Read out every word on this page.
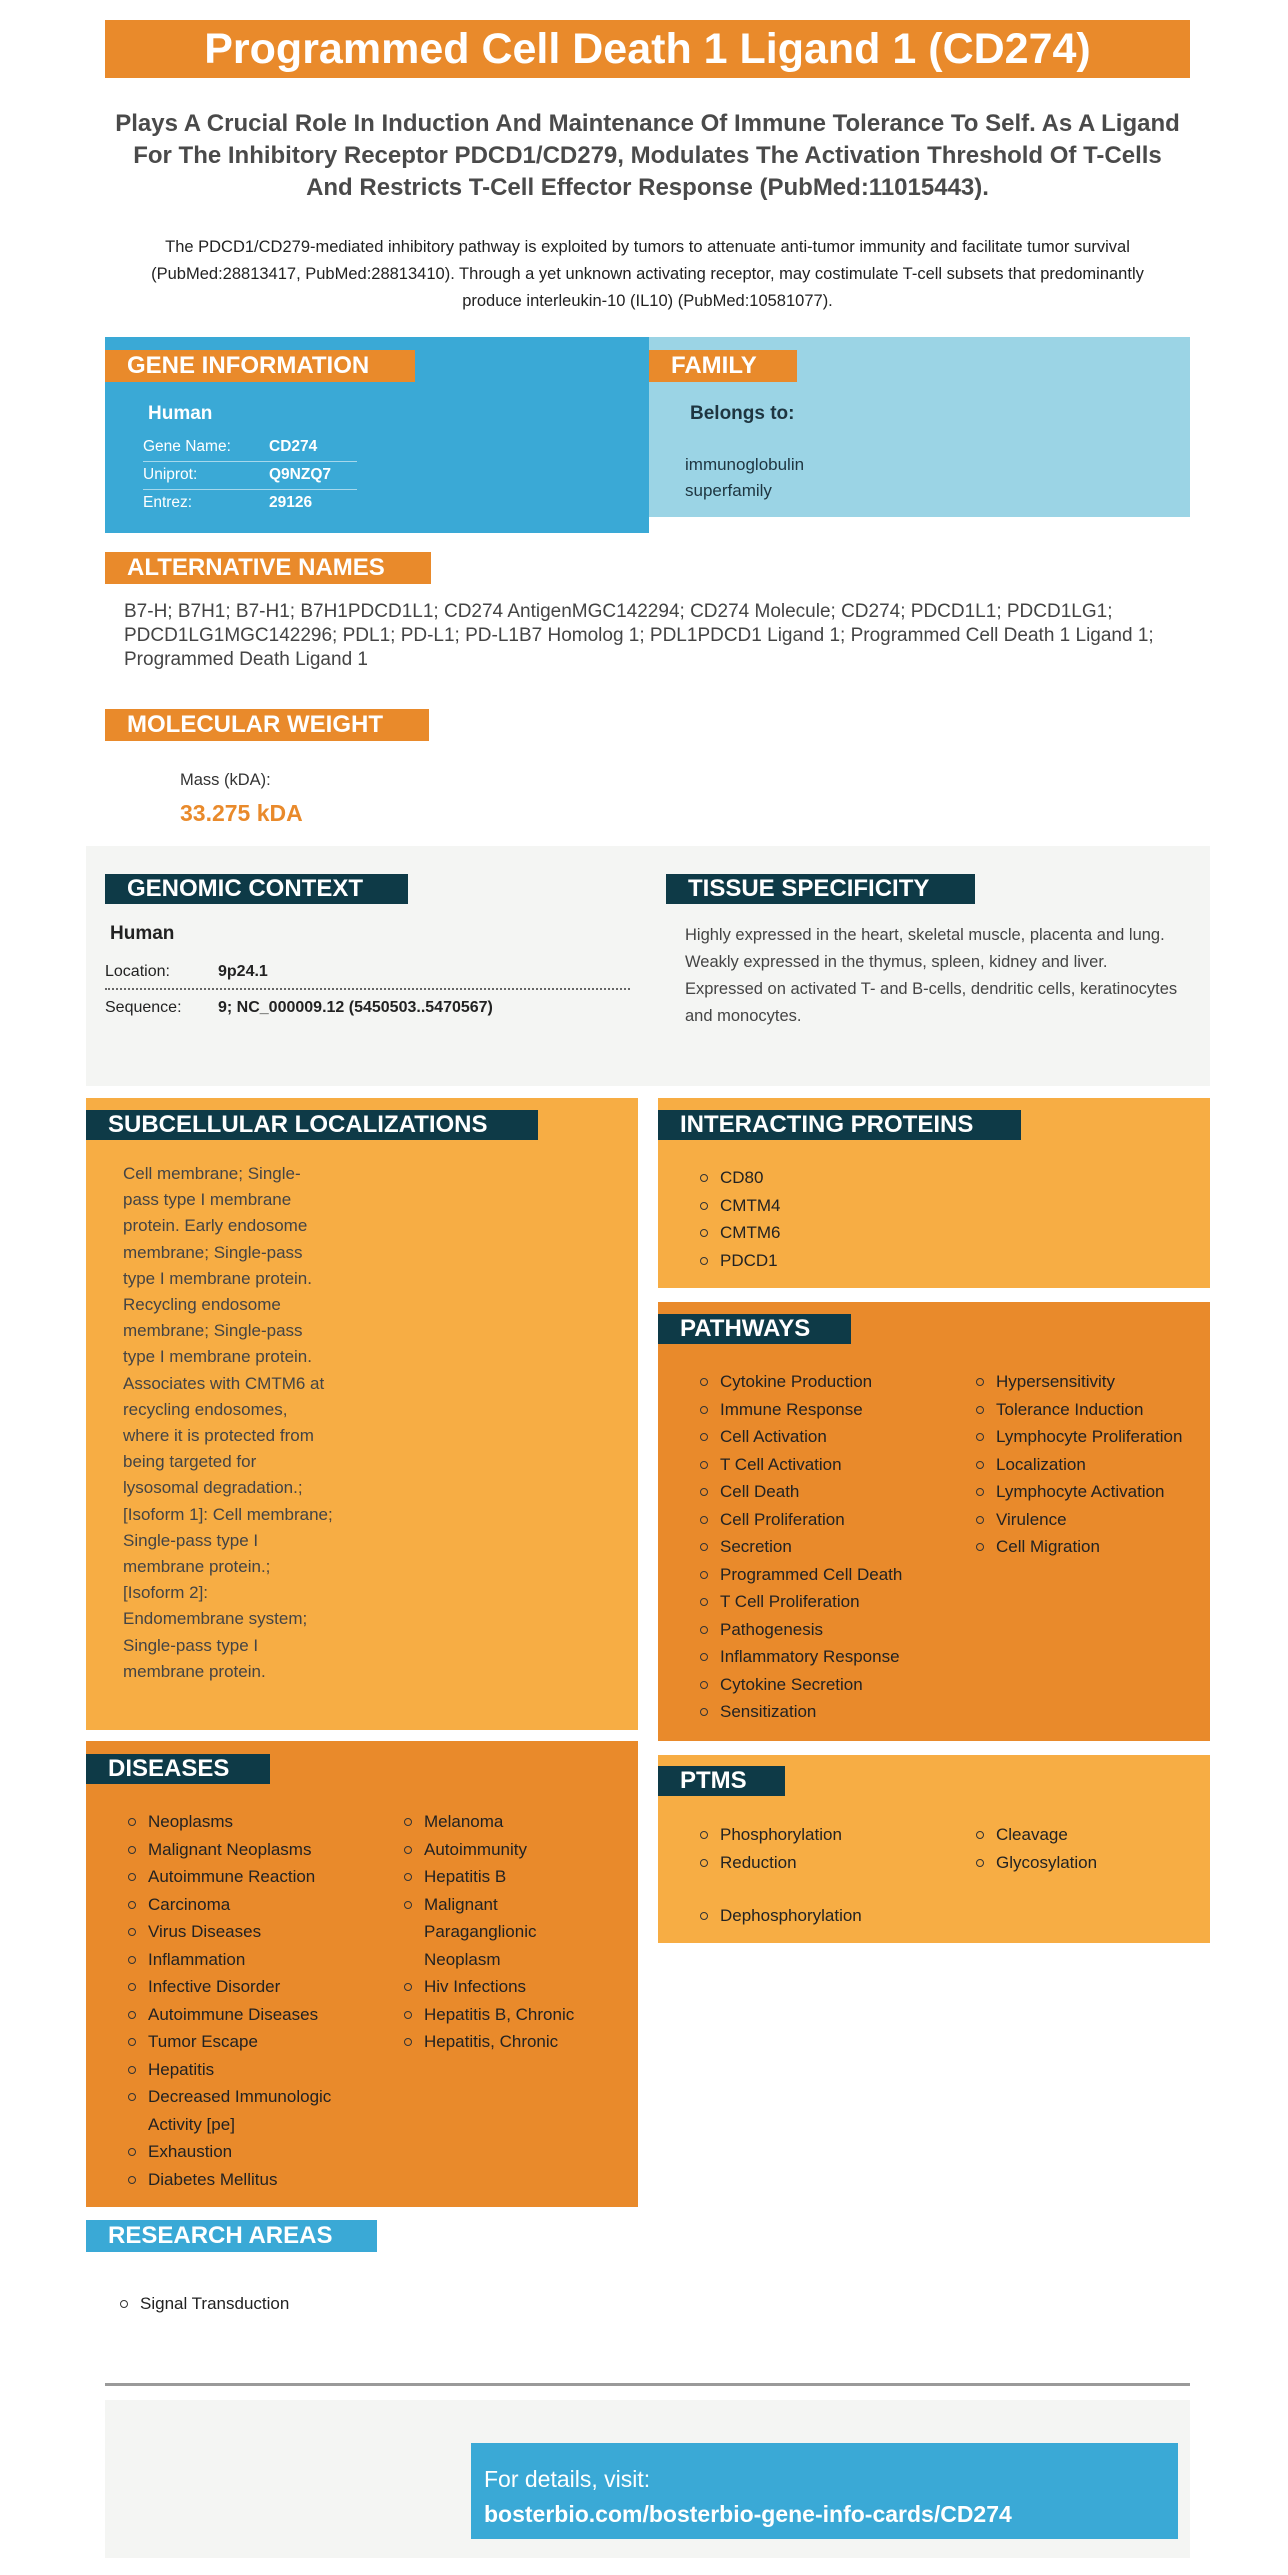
Programmed Cell Death 1 Ligand 1 (CD274)
Plays A Crucial Role In Induction And Maintenance Of Immune Tolerance To Self. As A Ligand For The Inhibitory Receptor PDCD1/CD279, Modulates The Activation Threshold Of T-Cells And Restricts T-Cell Effector Response (PubMed:11015443).
The PDCD1/CD279-mediated inhibitory pathway is exploited by tumors to attenuate anti-tumor immunity and facilitate tumor survival (PubMed:28813417, PubMed:28813410). Through a yet unknown activating receptor, may costimulate T-cell subsets that predominantly produce interleukin-10 (IL10) (PubMed:10581077).
GENE INFORMATION
Human
Gene Name:	CD274
Uniprot:	Q9NZQ7
Entrez:	29126
FAMILY
Belongs to:
immunoglobulin superfamily
ALTERNATIVE NAMES
B7-H; B7H1; B7-H1; B7H1PDCD1L1; CD274 AntigenMGC142294; CD274 Molecule; CD274; PDCD1L1; PDCD1LG1; PDCD1LG1MGC142296; PDL1; PD-L1; PD-L1B7 Homolog 1; PDL1PDCD1 Ligand 1; Programmed Cell Death 1 Ligand 1; Programmed Death Ligand 1
MOLECULAR WEIGHT
Mass (kDA):
33.275 kDA
GENOMIC CONTEXT
Human
Location:	9p24.1
Sequence:	9; NC_000009.12 (5450503..5470567)
TISSUE SPECIFICITY
Highly expressed in the heart, skeletal muscle, placenta and lung. Weakly expressed in the thymus, spleen, kidney and liver. Expressed on activated T- and B-cells, dendritic cells, keratinocytes and monocytes.
SUBCELLULAR LOCALIZATIONS
Cell membrane; Single-pass type I membrane protein. Early endosome membrane; Single-pass type I membrane protein. Recycling endosome membrane; Single-pass type I membrane protein. Associates with CMTM6 at recycling endosomes, where it is protected from being targeted for lysosomal degradation.; [Isoform 1]: Cell membrane; Single-pass type I membrane protein.; [Isoform 2]: Endomembrane system; Single-pass type I membrane protein.
INTERACTING PROTEINS
CD80
CMTM4
CMTM6
PDCD1
PATHWAYS
Cytokine Production
Immune Response
Cell Activation
T Cell Activation
Cell Death
Cell Proliferation
Secretion
Programmed Cell Death
T Cell Proliferation
Pathogenesis
Inflammatory Response
Cytokine Secretion
Sensitization
Hypersensitivity
Tolerance Induction
Lymphocyte Proliferation
Localization
Lymphocyte Activation
Virulence
Cell Migration
DISEASES
Neoplasms
Malignant Neoplasms
Autoimmune Reaction
Carcinoma
Virus Diseases
Inflammation
Infective Disorder
Autoimmune Diseases
Tumor Escape
Hepatitis
Decreased Immunologic Activity [pe]
Exhaustion
Diabetes Mellitus
Melanoma
Autoimmunity
Hepatitis B
Malignant Paraganglionic Neoplasm
Hiv Infections
Hepatitis B, Chronic
Hepatitis, Chronic
PTMS
Phosphorylation
Reduction
Cleavage
Glycosylation
Dephosphorylation
RESEARCH AREAS
Signal Transduction
For details, visit:
bosterbio.com/bosterbio-gene-info-cards/CD274
